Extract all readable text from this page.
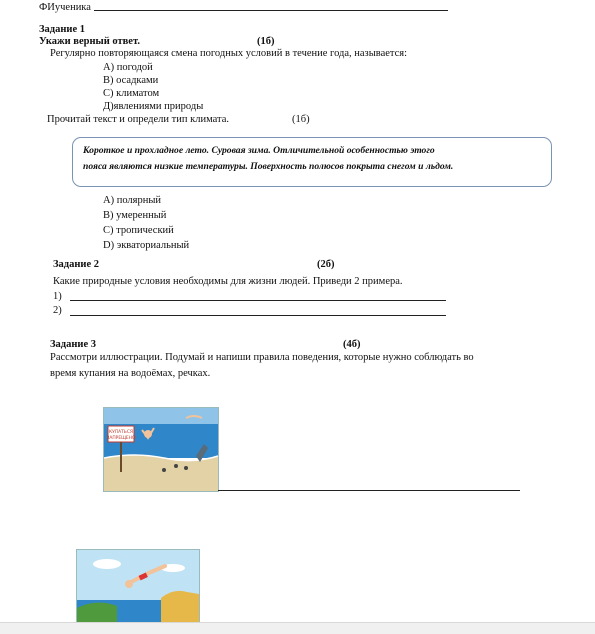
ФИученика
Задание 1
Укажи верный ответ.	(1б)
Регулярно повторяющаяся смена погодных условий в течение года, называется:
А) погодой
В) осадками
С) климатом
Д)явлениями природы
Прочитай текст и определи тип климата.	(1б)
Короткое и прохладное лето. Суровая зима. Отличительной особенностью этого
пояса являются низкие температуры. Поверхность полюсов покрыта снегом и льдом.
А) полярный
В) умеренный
С) тропический
D) экваториальный
Задание 2	(2б)
Какие природные условия необходимы для жизни людей. Приведи 2 примера.
1)
2)
Задание 3	(4б)
Рассмотри иллюстрации. Подумай и напиши правила поведения, которые нужно соблюдать во
время купания на водоёмах, речках.
КУПАТЬСЯ
ЗАПРЕЩЕНО
